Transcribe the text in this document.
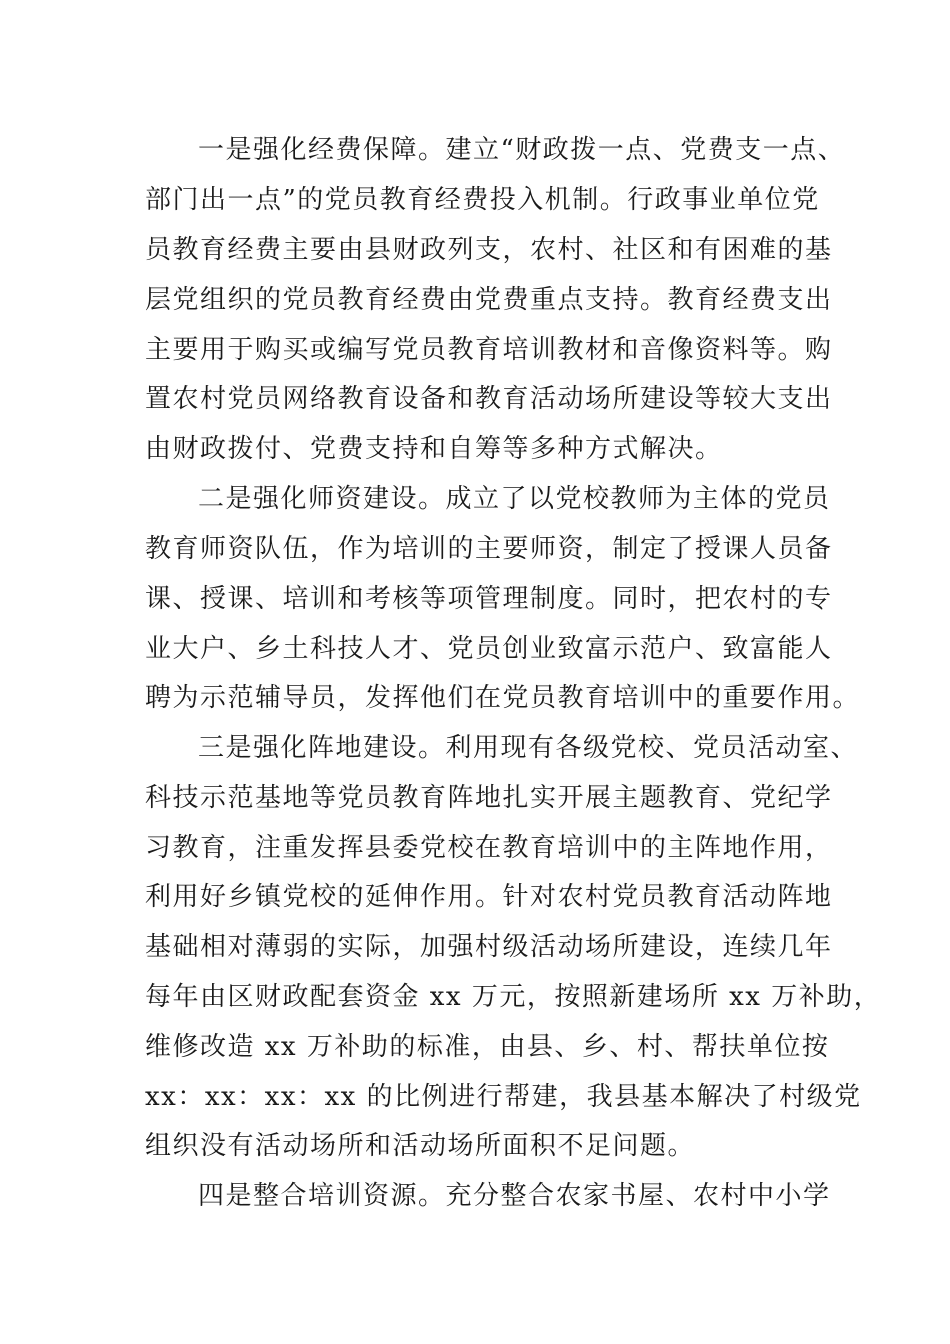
一是强化经费保障。建立“财政拨一点、党费支一点、
部门出一点”的党员教育经费投入机制。行政事业单位党
员教育经费主要由县财政列支，农村、社区和有困难的基
层党组织的党员教育经费由党费重点支持。教育经费支出
主要用于购买或编写党员教育培训教材和音像资料等。购
置农村党员网络教育设备和教育活动场所建设等较大支出
由财政拨付、党费支持和自筹等多种方式解决。
二是强化师资建设。成立了以党校教师为主体的党员
教育师资队伍，作为培训的主要师资，制定了授课人员备
课、授课、培训和考核等项管理制度。同时，把农村的专
业大户、乡土科技人才、党员创业致富示范户、致富能人
聘为示范辅导员，发挥他们在党员教育培训中的重要作用。
三是强化阵地建设。利用现有各级党校、党员活动室、
科技示范基地等党员教育阵地扎实开展主题教育、党纪学
习教育，注重发挥县委党校在教育培训中的主阵地作用，
利用好乡镇党校的延伸作用。针对农村党员教育活动阵地
基础相对薄弱的实际，加强村级活动场所建设，连续几年
每年由区财政配套资金 xx 万元，按照新建场所 xx 万补助，
维修改造 xx 万补助的标准，由县、乡、村、帮扶单位按
xx：xx：xx：xx 的比例进行帮建，我县基本解决了村级党
组织没有活动场所和活动场所面积不足问题。
四是整合培训资源。充分整合农家书屋、农村中小学
